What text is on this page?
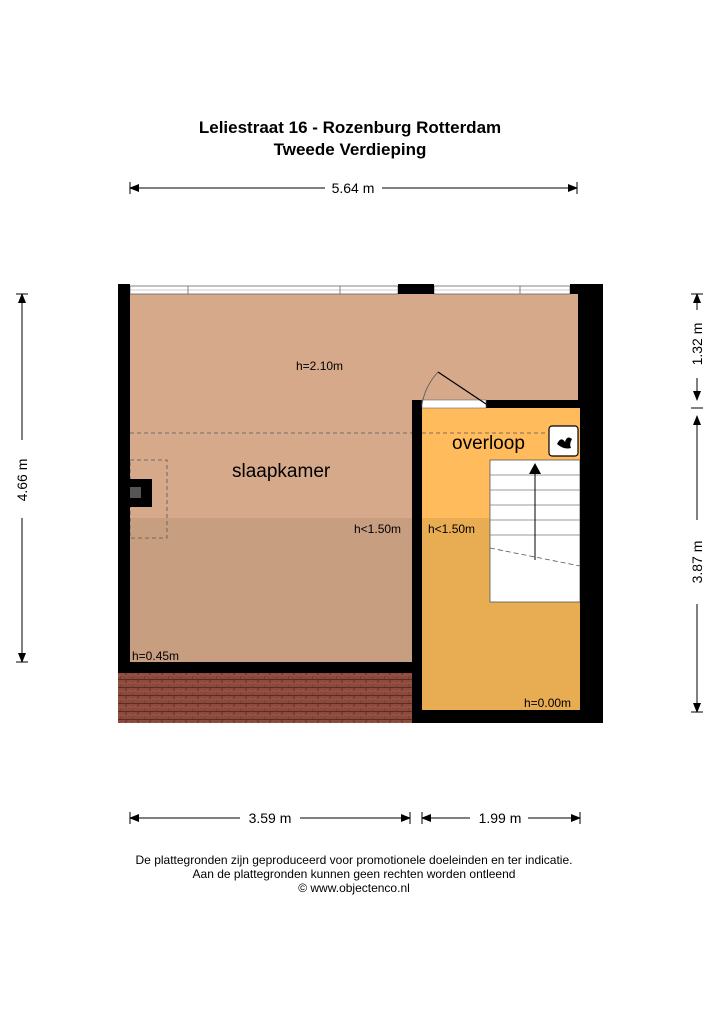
Leliestraat 16 - Rozenburg Rotterdam
Tweede Verdieping
5.64 m
4.66 m
1.32 m
3.87 m
3.59 m	1.99 m
slaapkamer
h=2.10m
h<1.50m
h=0.45m
overloop
h<1.50m
h=0.00m
De plattegronden zijn geproduceerd voor promotionele doeleinden en ter indicatie.
Aan de plattegronden kunnen geen rechten worden ontleend
© www.objectenco.nl
